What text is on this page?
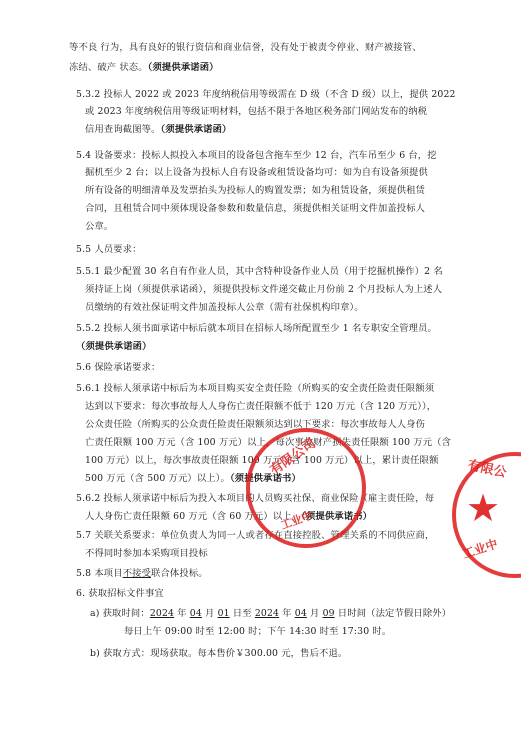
等不良 行为，具有良好的银行资信和商业信誉，没有处于被责令停业、财产被接管、
冻结、破产 状态。（须提供承诺函）
5.3.2 投标人 2022 或 2023 年度纳税信用等级需在 D 级（不含 D 级）以上，提供 2022
或 2023 年度纳税信用等级证明材料，包括不限于各地区税务部门网站发布的纳税
信用查询截图等。（须提供承诺函）
5.4 设备要求：投标人拟投入本项目的设备包含拖车至少 12 台，汽车吊至少 6 台，挖
掘机至少 2 台；以上设备为投标人自有设备或租赁设备均可：如为自有设备须提供
所有设备的明细清单及发票抬头为投标人的购置发票；如为租赁设备，须提供租赁
合同，且租赁合同中须体现设备参数和数量信息，须提供相关证明文件加盖投标人
公章。
5.5 人员要求：
5.5.1 最少配置 30 名自有作业人员，其中含特种设备作业人员（用于挖掘机操作）2 名
须持证上岗（须提供承诺函），须提供投标文件递交截止月份前 2 个月投标人为上述人
员缴纳的有效社保证明文件加盖投标人公章（需有社保机构印章）。
5.5.2 投标人须书面承诺中标后就本项目在招标人场所配置至少 1 名专职安全管理员。
（须提供承诺函）
5.6 保险承诺要求：
5.6.1 投标人须承诺中标后为本项目购买安全责任险（所购买的安全责任险责任限额须
达到以下要求：每次事故每人人身伤亡责任限额不低于 120 万元（含 120 万元）），
公众责任险（所购买的公众责任险责任限额须达到以下要求：每次事故每人人身伤
亡责任限额 100 万元（含 100 万元）以上，每次事故财产损失责任限额 100 万元（含
100 万元）以上，每次事故责任限额 100 万元（含 100 万元）以上，累计责任限额
500 万元（含 500 万元）以上）。（须提供承诺书）
5.6.2 投标人须承诺中标后为投入本项目的人员购买社保、商业保险（雇主责任险，每
人人身伤亡责任限额 60 万元（含 60 万元）以上。（须提供承诺书）
5.7 关联关系要求：单位负责人为同一人或者存在直接控股、管理关系的不同供应商，
不得同时参加本采购项目投标
5.8 本项目不接受联合体投标。
6. 获取招标文件事宜
a) 获取时间：2024 年 04 月 01 日至 2024 年 04 月 09 日时间（法定节假日除外）
每日上午 09:00 时至 12:00 时；下午 14:30 时至 17:30 时。
b) 获取方式：现场获取。每本售价￥300.00 元，售后不退。
有限公司
工业中
有限公
★
工业中
